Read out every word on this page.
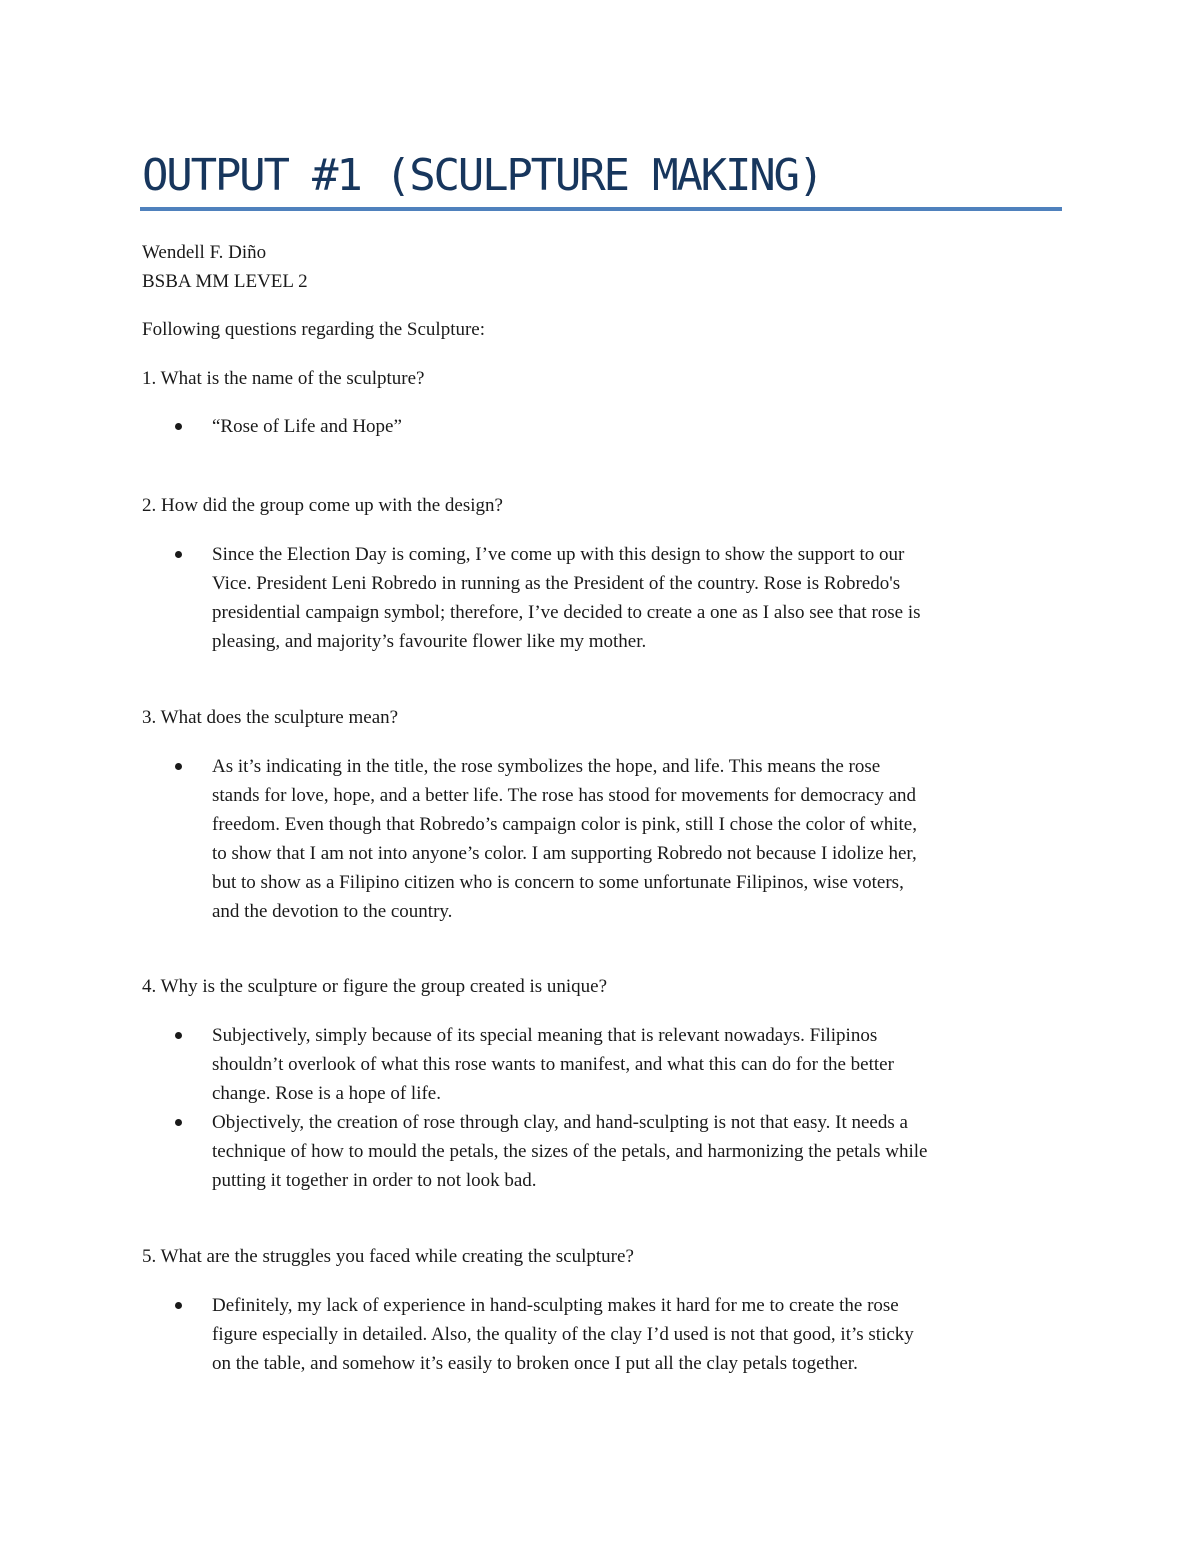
OUTPUT #1 (SCULPTURE MAKING)

Wendell F. Diño

BSBA MM LEVEL 2

Following questions regarding the Sculpture:

1. What is the name of the sculpture?

“Rose of Life and Hope”

2. How did the group come up with the design?

Since the Election Day is coming, I’ve come up with this design to show the support to our
Vice. President Leni Robredo in running as the President of the country. Rose is Robredo's
presidential campaign symbol; therefore, I’ve decided to create a one as I also see that rose is
pleasing, and majority’s favourite flower like my mother.

3. What does the sculpture mean?

As it’s indicating in the title, the rose symbolizes the hope, and life. This means the rose
stands for love, hope, and a better life. The rose has stood for movements for democracy and
freedom. Even though that Robredo’s campaign color is pink, still I chose the color of white,
to show that I am not into anyone’s color. I am supporting Robredo not because I idolize her,
but to show as a Filipino citizen who is concern to some unfortunate Filipinos, wise voters,
and the devotion to the country.

4. Why is the sculpture or figure the group created is unique?

Subjectively, simply because of its special meaning that is relevant nowadays. Filipinos
shouldn’t overlook of what this rose wants to manifest, and what this can do for the better
change. Rose is a hope of life.
Objectively, the creation of rose through clay, and hand-sculpting is not that easy. It needs a
technique of how to mould the petals, the sizes of the petals, and harmonizing the petals while
putting it together in order to not look bad.

5. What are the struggles you faced while creating the sculpture?

Definitely, my lack of experience in hand-sculpting makes it hard for me to create the rose
figure especially in detailed. Also, the quality of the clay I’d used is not that good, it’s sticky
on the table, and somehow it’s easily to broken once I put all the clay petals together.
